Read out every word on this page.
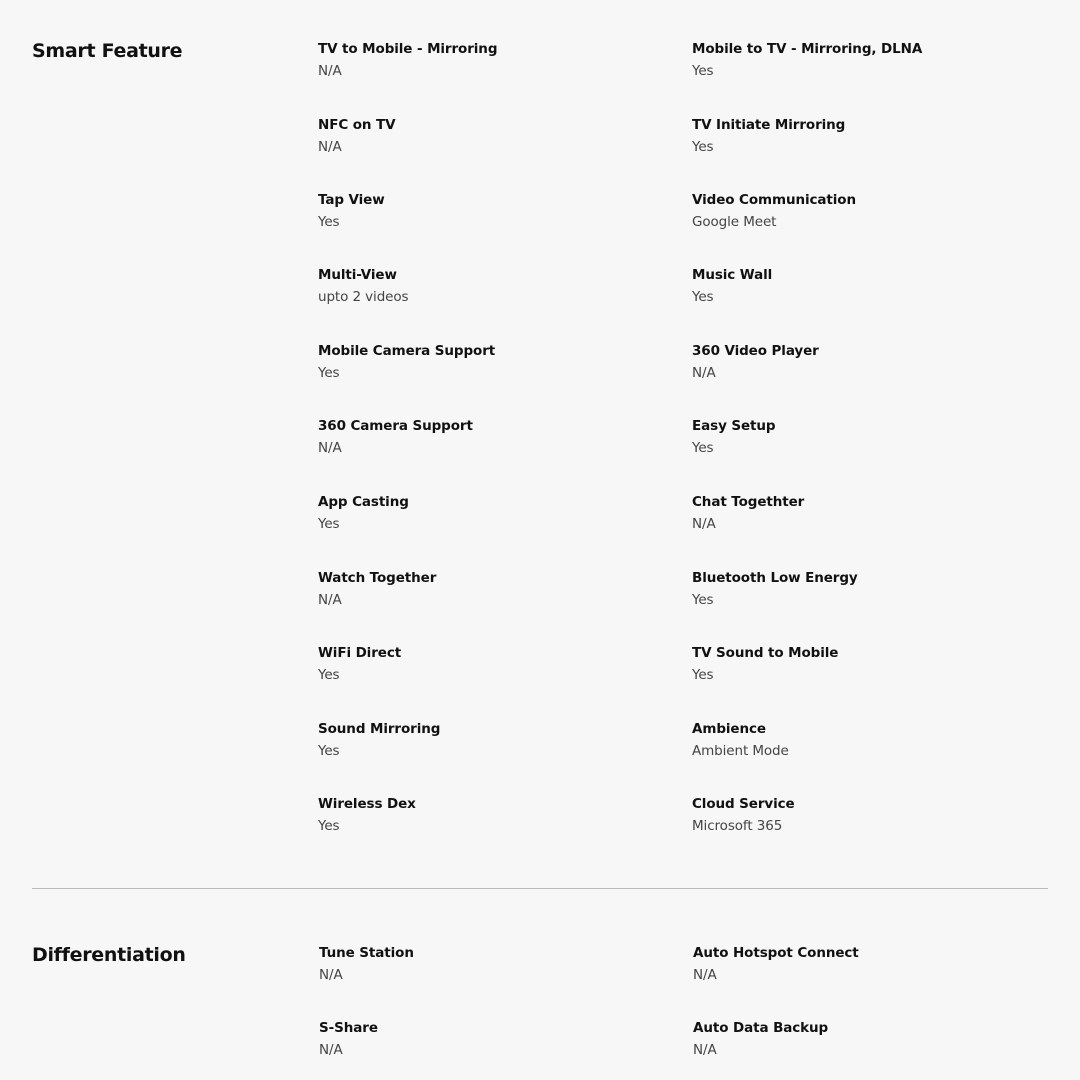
Smart Feature	TV to Mobile - Mirroring
N/A
Mobile to TV - Mirroring, DLNA
Yes
NFC on TV
N/A
TV Initiate Mirroring
Yes
Tap View
Yes
Video Communication
Google Meet
Multi-View
upto 2 videos
Music Wall
Yes
Mobile Camera Support
Yes
360 Video Player
N/A
360 Camera Support
N/A
Easy Setup
Yes
App Casting
Yes
Chat Togethter
N/A
Watch Together
N/A
Bluetooth Low Energy
Yes
WiFi Direct
Yes
TV Sound to Mobile
Yes
Sound Mirroring
Yes
Ambience
Ambient Mode
Wireless Dex
Yes
Cloud Service
Microsoft 365
Differentiation	Tune Station
N/A
Auto Hotspot Connect
N/A
S-Share
N/A
Auto Data Backup
N/A
